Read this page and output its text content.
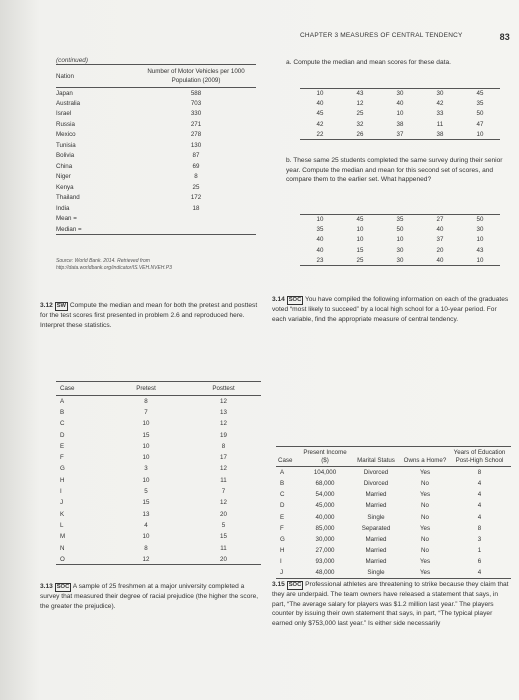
CHAPTER 3 MEASURES OF CENTRAL TENDENCY	83
(continued)
Nation	Number of Motor Vehicles per 1000 Population (2009)
Japan	588
Australia	703
Israel	330
Russia	271
Mexico	278
Tunisia	130
Bolivia	87
China	69
Niger	8
Kenya	25
Thailand	172
India	18
Mean =	
Median =	
Source: World Bank. 2014. Retrieved from http://data.worldbank.org/indicator/IS.VEH.NVEH.P3
3.12 SW Compute the median and mean for both the pretest and posttest for the test scores first presented in problem 2.6 and reproduced here. Interpret these statistics.
Case	Pretest	Posttest
A	8	12
B	7	13
C	10	12
D	15	19
E	10	8
F	10	17
G	3	12
H	10	11
I	5	7
J	15	12
K	13	20
L	4	5
M	10	15
N	8	11
O	12	20
3.13 SOC A sample of 25 freshmen at a major university completed a survey that measured their degree of racial prejudice (the higher the score, the greater the prejudice).
a. Compute the median and mean scores for these data.
10	43	30	30	45
40	12	40	42	35
45	25	10	33	50
42	32	38	11	47
22	26	37	38	10
b. These same 25 students completed the same survey during their senior year. Compute the median and mean for this second set of scores, and compare them to the earlier set. What happened?
10	45	35	27	50
35	10	50	40	30
40	10	10	37	10
40	15	30	20	43
23	25	30	40	10
3.14 SOC You have compiled the following information on each of the graduates voted “most likely to succeed” by a local high school for a 10-year period. For each variable, find the appropriate measure of central tendency.
Case	Present Income ($)	Marital Status	Owns a Home?	Years of Education Post-High School
A	104,000	Divorced	Yes	8
B	68,000	Divorced	No	4
C	54,000	Married	Yes	4
D	45,000	Married	No	4
E	40,000	Single	No	4
F	85,000	Separated	Yes	8
G	30,000	Married	No	3
H	27,000	Married	No	1
I	93,000	Married	Yes	6
J	48,000	Single	Yes	4
3.15 SOC Professional athletes are threatening to strike because they claim that they are underpaid. The team owners have released a statement that says, in part, “The average salary for players was $1.2 million last year.” The players counter by issuing their own statement that says, in part, “The typical player earned only $753,000 last year.” Is either side necessarily
